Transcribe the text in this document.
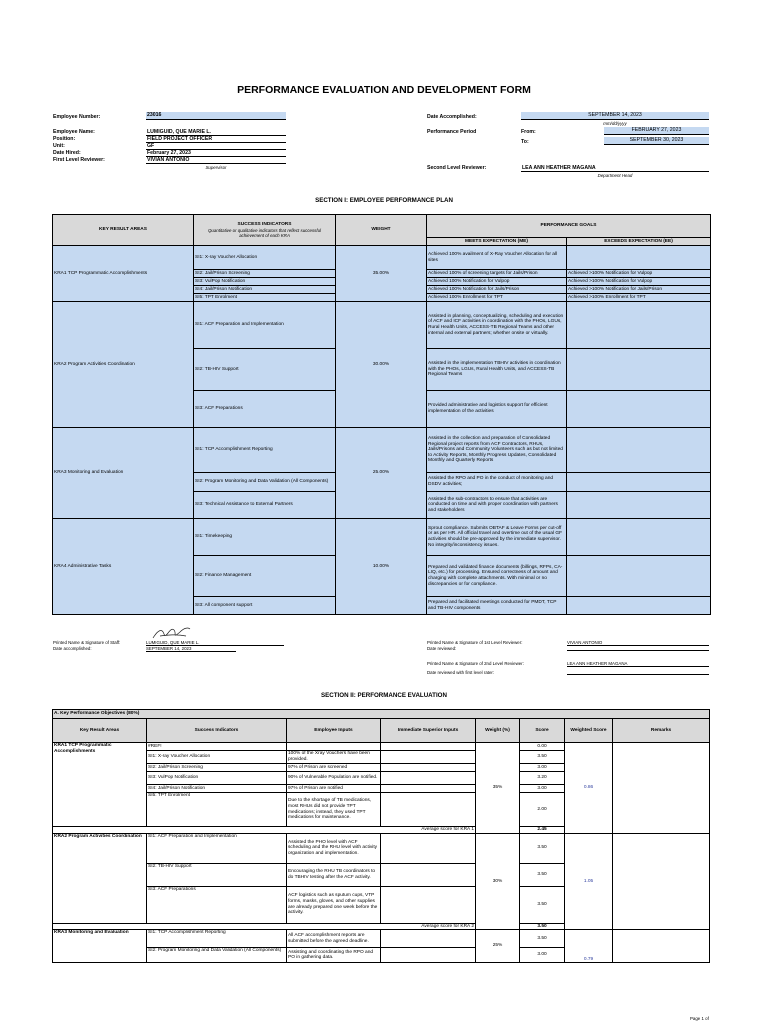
PERFORMANCE EVALUATION AND DEVELOPMENT FORM
Employee Number:	23016
Employee Name:	LUMIGUID, QUE MARIE L.
Position:	FIELD PROJECT OFFICER
Unit:	GF
Date Hired:	February 27, 2023
First Level Reviewer:	VIVIAN ANTONIO
Supervisor
Date Accomplished:	SEPTEMBER 14, 2023
mm/dd/yyyy
Performance Period	From:	FEBRUARY 27, 2023
To:	SEPTEMBER 30, 2023
Second Level Reviewer:	LEA ANN HEATHER MAGANA
Department Head
SECTION I: EMPLOYEE PERFORMANCE PLAN
KEY RESULT AREAS	SUCCESS INDICATORS
Quantitative or qualitative indicators that reflect successful achievement of each KRA	WEIGHT	PERFORMANCE GOALS	
			MEETS EXPECTATION (ME)	EXCEEDS EXPECTATION (EE)
KRA1 TCP Programmatic Accomplishments	SI1: X-ray Voucher Allocation	35.00%	Achieved 100% availment of X-Ray Voucher Allocation for all sites	
	SI2: Jail/Prison Screening		Achieved 100% of screening targets for Jails/Prison	Achieved >100% Notification for Vulpop
	SI3: VulPop Notification		Achieved 100% Notification for Vulpop	Achieved >100% Notification for Vulpop
	SI4: Jail/Prison Notification		Achieved 100% Notification for Jails/Prison	Achieved >100% Notification for Jails/Prison
	SI5: TPT Enrolment		Achieved 100% Enrollment for TPT	Achieved >100% Enrollment for TPT
KRA2 Program Activities Coordination	SI1: ACF Preparation and Implementation	30.00%	Assisted in planning, conceptualizing, scheduling and execution of ACF and ICF activities in coordination with the PHOs, LGUs, Rural Health Units, ACCESS-TB Regional Teams and other internal and external partners; whether onsite or virtually.	
	SI2: TB-HIV Support		Assisted in the implementation TBHIV activities in coordination with the PHOs, LGUs, Rural Health Units, and ACCESS-TB Regional Teams	
	SI3: ACF Preparations		Provided administrative and logistics support for efficient implementation of the activities	
KRA3 Monitoring and Evaluation	SI1: TCP Accomplishment Reporting	25.00%	Assisted in the collection and preparation of Consolidated Regional project reports from ACF Contractors, RHUs, Jails/Prisons and Community Volunteers such as but not limited to Activity Reports, Monthly Progress Updates, Consolidated Monthly and Quarterly Reports	
	SI2: Program Monitoring and Data Validation (All Components)		Assisted the RPO and PO in the conduct of monitoring and DSDV activities;	
	SI3: Technical Assistance to External Partners		Assisted the sub-contractors to ensure that activities are conducted on time and with proper coordination with partners and stakeholders	
KRA4 Administrative Tasks	SI1: Timekeeping	10.00%	Sprout compliance. Submits OBTAF & Leave Forms per cut-off or as per HR. All official travel and overtime out of the usual GF activities should be pre-approved by the immediate supervisor. No integrity/inconsistency issues.	
	SI2: Finance Management		Prepared and validated finance documents (billings, RFPs, CA-LIQ, etc.) for processing. Ensured correctness of amount and charging with complete attachments. With minimal or no discrepancies or for compliance.	
	SI3: All component support		Prepared and facilitated meetings conducted for PMDT, TCP and TB-HIV components	
Printed Name & Signature of Staff:
Date accomplished:
LUMIGUID, QUE MARIE L.
SEPTEMBER 14, 2023
Printed Name & Signature of 1st Level Reviewer:
Date reviewed:
VIVIAN ANTONIO
Printed Name & Signature of 2nd Level Reviewer:
Date reviewed with first level rater:
LEA ANN HEATHER MAGANA
SECTION II: PERFORMANCE EVALUATION
A. Key Performance Objectives (80%)							
Key Result Areas	Success Indicators	Employee Inputs	Immediate Superior Inputs	Weight (%)	Score	Weighted Score	Remarks
KRA1 TCP Programmatic Accomplishments	#REF!			35%	0.00	0.86	
	SI1: X-ray Voucher Allocation	100% of the Xray Vouchers have been provided.			3.50		
	SI2: Jail/Prison Screening	97% of Prison are screened			3.00		
	SI3: VulPop Notification	90% of Vulnerable Population are notified.			3.20		
	SI4: Jail/Prison Notification	97% of Prison are notified			3.00		
	SI5: TPT Enrolment	Due to the shortage of TB medications, most RHUs did not provide TPT medications; instead, they used TPT medications for maintenance.			2.00		
Average score for KRA 1					2.45		
KRA2 Program Activities Coordination	SI1: ACF Preparation and Implementation	Assisted the PHO level with ACF scheduling and the RHU level with activity organization and implementation.		30%	3.50	1.05	
	SI2: TB-HIV Support	Encouraging the RHU TB coordinators to do TBHIV testing after the ACF activity.			3.50		
	SI3: ACF Preparations	ACF logistics such as sputum cups, VTP forms, masks, gloves, and other supplies are already prepared one week before the activity.			3.50		
Average score for KRA 2					3.50		
KRA3 Monitoring and Evaluation	SI1: TCP Accomplishment Reporting	All ACF accomplishment reports are submitted before the agreed deadline.		25%	3.50	0.79	
	SI2: Program Monitoring and Data Validation (All Components)	Assisting and coordinating the RPO and PO in gathering data.			3.00		
Page 1 of
